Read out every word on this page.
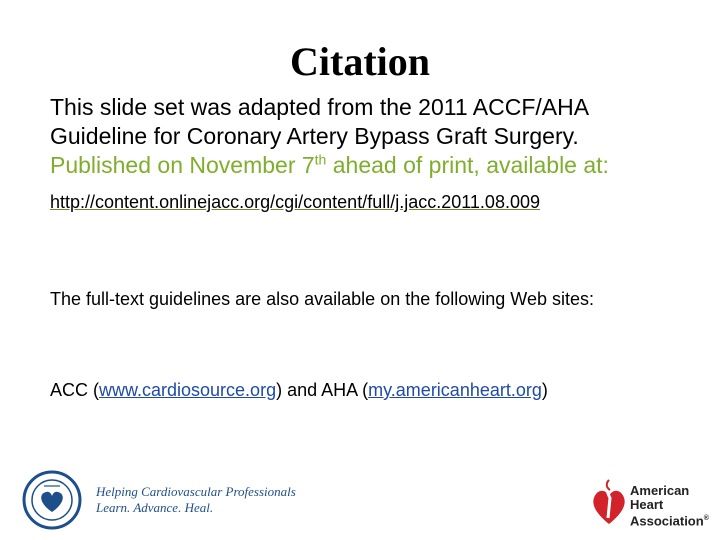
Citation
This slide set was adapted from the 2011 ACCF/AHA
Guideline for Coronary Artery Bypass Graft Surgery.
Published on November 7th ahead of print, available at:
http://content.onlinejacc.org/cgi/content/full/j.jacc.2011.08.009
The full-text guidelines are also available on the following Web sites:
ACC (www.cardiosource.org) and AHA (my.americanheart.org)
Helping Cardiovascular Professionals
Learn. Advance. Heal.
American
Heart
Association®
